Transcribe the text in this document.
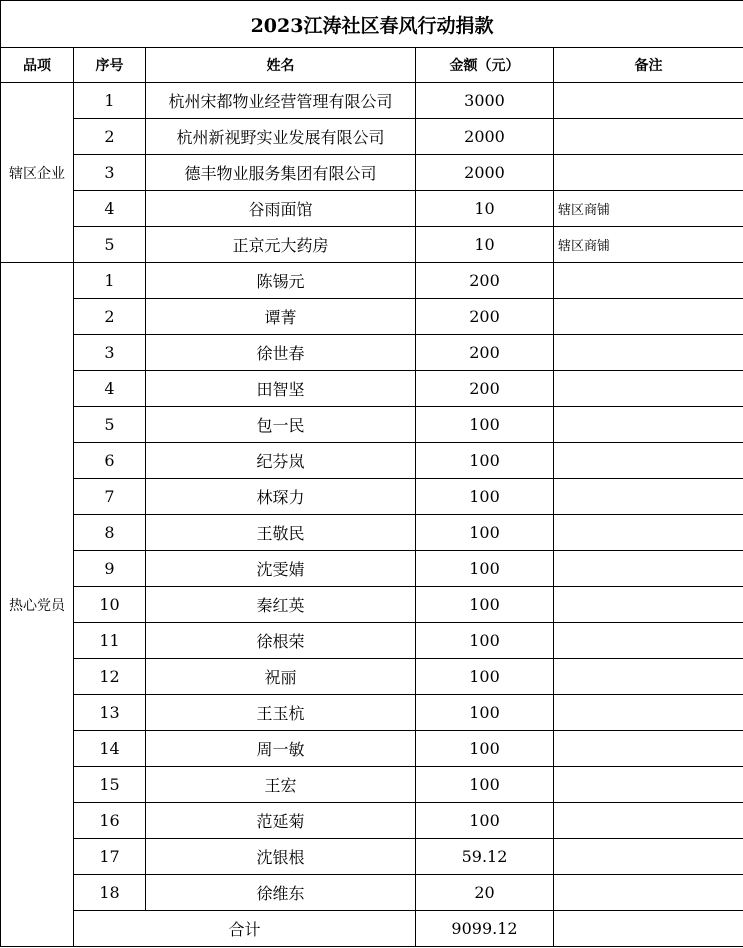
2023江涛社区春风行动捐款				
品项	序号	姓名	金额（元）	备注
辖区企业	1	杭州宋都物业经营管理有限公司	3000	
	2	杭州新视野实业发展有限公司	2000	
	3	德丰物业服务集团有限公司	2000	
	4	谷雨面馆	10	辖区商铺
	5	正京元大药房	10	辖区商铺
热心党员	1	陈锡元	200	
	2	谭菁	200	
	3	徐世春	200	
	4	田智坚	200	
	5	包一民	100	
	6	纪芬岚	100	
	7	林琛力	100	
	8	王敬民	100	
	9	沈雯婧	100	
	10	秦红英	100	
	11	徐根荣	100	
	12	祝丽	100	
	13	王玉杭	100	
	14	周一敏	100	
	15	王宏	100	
	16	范延菊	100	
	17	沈银根	59.12	
	18	徐维东	20	
	合计		9099.12	
